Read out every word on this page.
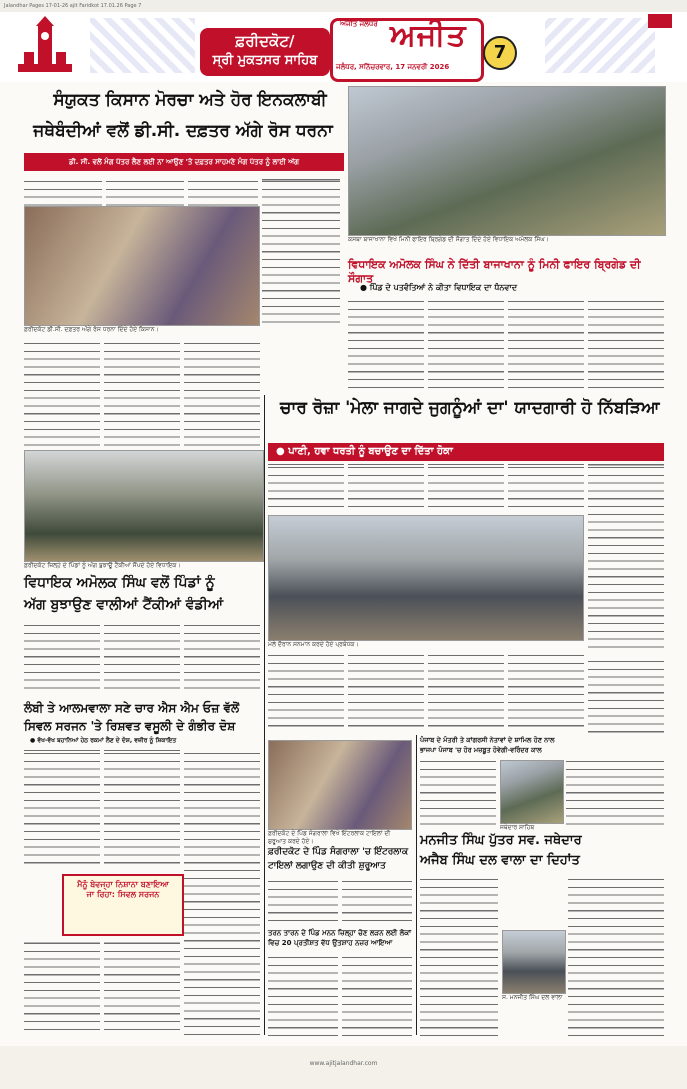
Jalandhar Pages 17-01-26 ajit Faridkot 17.01.26 Page 7
ਫ਼ਰੀਦਕੋਟ/
ਸ੍ਰੀ ਮੁਕਤਸਰ ਸਾਹਿਬ
ਅਜੀਤ ਜਲੰਧਰ ਅਜੀਤ
ਜਲੰਧਰ, ਸਨਿੱਚਰਵਾਰ, 17 ਜਨਵਰੀ 2026
7
ਸੰਯੁਕਤ ਕਿਸਾਨ ਮੋਰਚਾ ਅਤੇ ਹੋਰ ਇਨਕਲਾਬੀ
ਜਥੇਬੰਦੀਆਂ ਵਲੋਂ ਡੀ.ਸੀ. ਦਫ਼ਤਰ ਅੱਗੇ ਰੋਸ ਧਰਨਾ
ਡੀ. ਸੀ. ਵਲੋਂ ਮੰਗ ਪੱਤਰ ਲੈਣ ਲਈ ਨਾ ਆਉਣ 'ਤੇ ਦਫ਼ਤਰ ਸਾਹਮਣੇ ਮੰਗ ਪੱਤਰ ਨੂੰ ਲਾਈ ਅੱਗ
ਫ਼ਰੀਦਕੋਟ ਡੀ.ਸੀ. ਦਫ਼ਤਰ ਅੱਗੇ ਰੋਸ ਧਰਨਾ ਦਿੰਦੇ ਹੋਏ ਕਿਸਾਨ।
ਕਸਬਾ ਬਾਜਾਖਾਨਾ ਵਿਖੇ ਮਿਨੀ ਫਾਇਰ ਬ੍ਰਿਗੇਡ ਦੀ ਸੌਗਾਤ ਦਿੰਦੇ ਹੋਏ ਵਿਧਾਇਕ ਅਮੋਲਕ ਸਿੰਘ।
ਵਿਧਾਇਕ ਅਮੋਲਕ ਸਿੰਘ ਨੇ ਦਿੱਤੀ ਬਾਜਾਖਾਨਾ ਨੂੰ ਮਿਨੀ ਫਾਇਰ ਬ੍ਰਿਗੇਡ ਦੀ ਸੌਗਾਤ
● ਪਿੰਡ ਦੇ ਪਤਵੰਤਿਆਂ ਨੇ ਕੀਤਾ ਵਿਧਾਇਕ ਦਾ ਧੰਨਵਾਦ
ਚਾਰ ਰੋਜ਼ਾ 'ਮੇਲਾ ਜਾਗਦੇ ਜੁਗਨੂੰਆਂ ਦਾ' ਯਾਦਗਾਰੀ ਹੋ ਨਿੱਬੜਿਆ
● ਪਾਣੀ, ਹਵਾ ਧਰਤੀ ਨੂੰ ਬਚਾਉਣ ਦਾ ਦਿੱਤਾ ਹੋਕਾ
ਮੇਲੇ ਦੌਰਾਨ ਸਨਮਾਨ ਕਰਦੇ ਹੋਏ ਪ੍ਰਬੰਧਕ।
ਫ਼ਰੀਦਕੋਟ ਜ਼ਿਲ੍ਹੇ ਦੇ ਪਿੰਡਾਂ ਨੂੰ ਅੱਗ ਬੁਝਾਊ ਟੈਂਕੀਆਂ ਸੌਂਪਦੇ ਹੋਏ ਵਿਧਾਇਕ।
ਵਿਧਾਇਕ ਅਮੋਲਕ ਸਿੰਘ ਵਲੋਂ ਪਿੰਡਾਂ ਨੂੰ
ਅੱਗ ਬੁਝਾਉਣ ਵਾਲੀਆਂ ਟੈਂਕੀਆਂ ਵੰਡੀਆਂ
ਲੰਬੀ ਤੇ ਆਲਮਵਾਲਾ ਸਣੇ ਚਾਰ ਐਸ ਐਮ ਓਜ਼ ਵੱਲੋਂ
ਸਿਵਲ ਸਰਜਨ 'ਤੇ ਰਿਸ਼ਵਤ ਵਸੂਲੀ ਦੇ ਗੰਭੀਰ ਦੋਸ਼
● ਵੱਖ-ਵੱਖ ਬਹਾਨਿਆਂ ਹੇਠ ਰਕਮਾਂ ਲੈਣ ਦੇ ਦੋਸ਼, ਵਜ਼ੀਰ ਨੂੰ ਸ਼ਿਕਾਇਤ
ਮੈਨੂੰ ਬੇਵਜ੍ਹਾ ਨਿਸ਼ਾਨਾ ਬਣਾਇਆ
ਜਾ ਰਿਹਾ: ਸਿਵਲ ਸਰਜਨ
ਫ਼ਰੀਦਕੋਟ ਦੇ ਪਿੰਡ ਸੰਗਰਾਲਾ ਵਿਖੇ ਇੰਟਰਲਾਕ ਟਾਇਲਾਂ ਦੀ ਸ਼ੁਰੂਆਤ ਕਰਦੇ ਹੋਏ।
ਫ਼ਰੀਦਕੋਟ ਦੇ ਪਿੰਡ ਸੰਗਰਾਲਾ 'ਚ ਇੰਟਰਲਾਕ
ਟਾਇਲਾਂ ਲਗਾਉਣ ਦੀ ਕੀਤੀ ਸ਼ੁਰੂਆਤ
ਤਰਨ ਤਾਰਨ ਦੇ ਪਿੰਡ ਮਨਨ ਜ਼ਿਲ੍ਹਾ ਚੋਣ ਲੜਨ ਲਈ ਲੋਕਾਂ ਵਿਚ 20 ਪ੍ਰਤੀਸ਼ਤ ਵੱਧ ਉਤਸ਼ਾਹ ਨਜ਼ਰ ਆਇਆ
ਪੰਜਾਬ ਦੇ ਮੰਤਰੀ ਤੇ ਕਾਂਗਰਸੀ ਨੇਤਾਵਾਂ ਦੇ ਸ਼ਾਮਿਲ ਹੋਣ ਨਾਲ
ਭਾਜਪਾ ਪੰਜਾਬ 'ਚ ਹੋਰ ਮਜ਼ਬੂਤ ਹੋਵੇਗੀ-ਵਰਿੰਦਰ ਕਾਲ
ਜਥੇਦਾਰ ਸਾਹਿਬ
ਮਨਜੀਤ ਸਿੰਘ ਪੁੱਤਰ ਸਵ. ਜਥੇਦਾਰ
ਅਜੈਬ ਸਿੰਘ ਦਲ ਵਾਲਾ ਦਾ ਦਿਹਾਂਤ
ਸ. ਮਨਜੀਤ ਸਿੰਘ ਦਲ ਵਾਲਾ
www.ajitjalandhar.com
